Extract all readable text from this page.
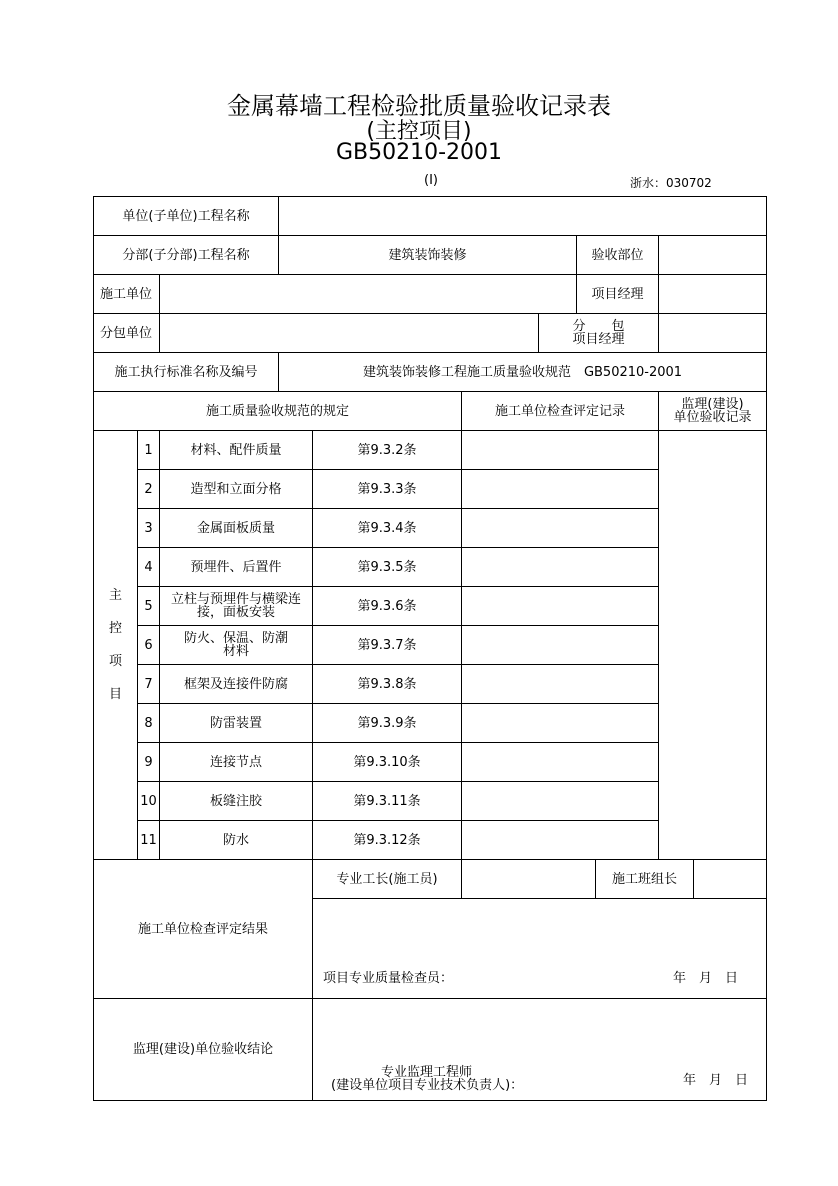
金属幕墙工程检验批质量验收记录表
(主控项目)
GB50210-2001
(Ⅰ)	浙水：030702
单位(子单位)工程名称
分部(子分部)工程名称	建筑装饰装修	验收部位
施工单位	项目经理
分包单位	分　　包
项目经理
施工执行标准名称及编号	建筑装饰装修工程施工质量验收规范　GB50210-2001
施工质量验收规范的规定	施工单位检查评定记录	监理(建设)
单位验收记录
主
控
项
目
1	材料、配件质量	第9.3.2条
2	造型和立面分格	第9.3.3条
3	金属面板质量	第9.3.4条
4	预埋件、后置件	第9.3.5条
5	立柱与预埋件与横梁连
接，面板安装	第9.3.6条
6	防火、保温、防潮
材料	第9.3.7条
7	框架及连接件防腐	第9.3.8条
8	防雷装置	第9.3.9条
9	连接节点	第9.3.10条
10	板缝注胶	第9.3.11条
11	防水	第9.3.12条
施工单位检查评定结果
专业工长(施工员)	施工班组长
项目专业质量检查员：	年　月　日
监理(建设)单位验收结论
专业监理工程师
(建设单位项目专业技术负责人)：	年　月　日
